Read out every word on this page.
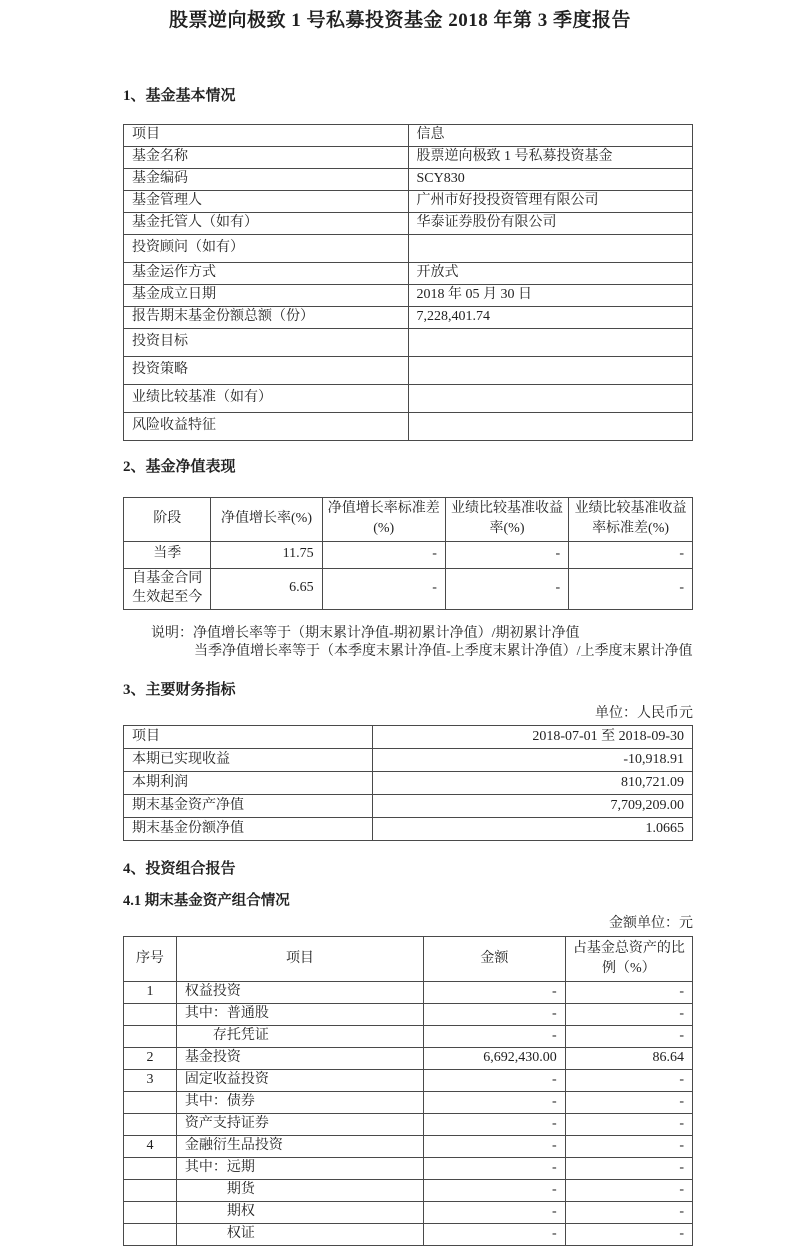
股票逆向极致 1 号私募投资基金 2018 年第 3 季度报告
1、基金基本情况
项目	信息
基金名称	股票逆向极致 1 号私募投资基金
基金编码	SCY830
基金管理人	广州市好投投资管理有限公司
基金托管人（如有）	华泰证券股份有限公司
投资顾问（如有）	
基金运作方式	开放式
基金成立日期	2018 年 05 月 30 日
报告期末基金份额总额（份）	7,228,401.74
投资目标	
投资策略	
业绩比较基准（如有）	
风险收益特征	
2、基金净值表现
阶段	净值增长率(%)	净值增长率标准差(%)	业绩比较基准收益率(%)	业绩比较基准收益率标准差(%)
当季	11.75	-	-	-
自基金合同生效起至今	6.65	-	-	-
说明：净值增长率等于（期末累计净值-期初累计净值）/期初累计净值
当季净值增长率等于（本季度末累计净值-上季度末累计净值）/上季度末累计净值
3、主要财务指标
单位：人民币元
项目	2018-07-01 至 2018-09-30
本期已实现收益	-10,918.91
本期利润	810,721.09
期末基金资产净值	7,709,209.00
期末基金份额净值	1.0665
4、投资组合报告
4.1 期末基金资产组合情况
金额单位：元
序号	项目	金额	占基金总资产的比例（%）
1	权益投资	-	-
	其中：普通股	-	-
	存托凭证	-	-
2	基金投资	6,692,430.00	86.64
3	固定收益投资	-	-
	其中：债券	-	-
	资产支持证券	-	-
4	金融衍生品投资	-	-
	其中：远期	-	-
	期货	-	-
	期权	-	-
	权证	-	-
